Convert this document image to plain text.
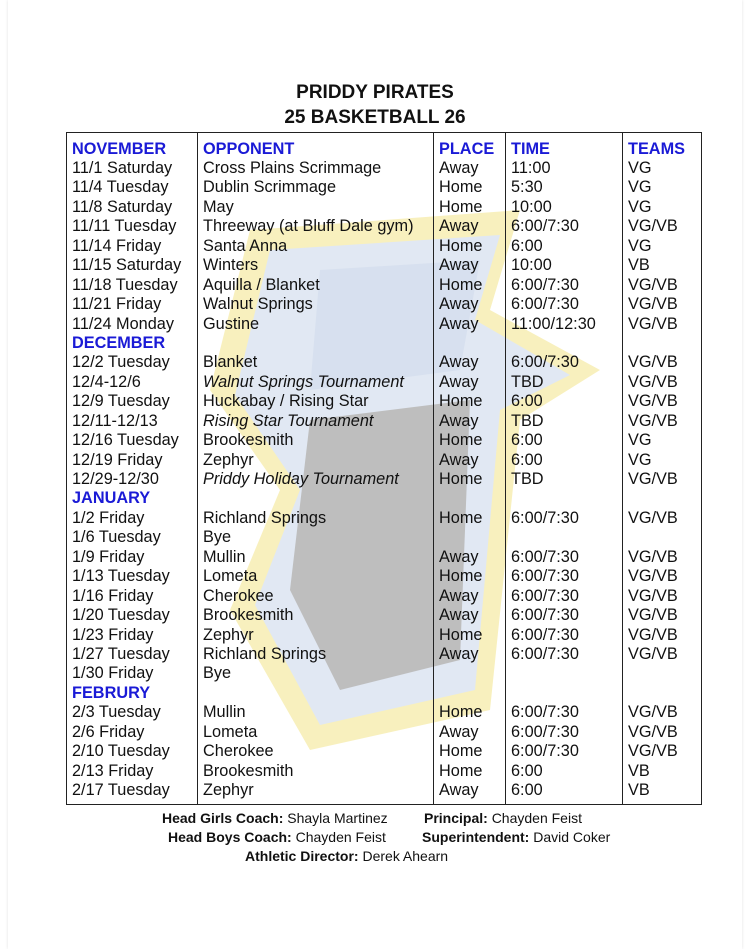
PRIDDY PIRATES
25 BASKETBALL 26
NOVEMBER	OPPONENT	PLACE	TIME	TEAMS
11/1 Saturday	Cross Plains Scrimmage	Away	11:00	VG
11/4 Tuesday	Dublin Scrimmage	Home	5:30	VG
11/8 Saturday	May	Home	10:00	VG
11/11 Tuesday	Threeway (at Bluff Dale gym)	Away	6:00/7:30	VG/VB
11/14 Friday	Santa Anna	Home	6:00	VG
11/15 Saturday	Winters	Away	10:00	VB
11/18 Tuesday	Aquilla / Blanket	Home	6:00/7:30	VG/VB
11/21 Friday	Walnut Springs	Away	6:00/7:30	VG/VB
11/24 Monday	Gustine	Away	11:00/12:30	VG/VB
DECEMBER				
12/2 Tuesday	Blanket	Away	6:00/7:30	VG/VB
12/4-12/6	Walnut Springs Tournament	Away	TBD	VG/VB
12/9 Tuesday	Huckabay / Rising Star	Home	6:00	VG/VB
12/11-12/13	Rising Star Tournament	Away	TBD	VG/VB
12/16 Tuesday	Brookesmith	Home	6:00	VG
12/19 Friday	Zephyr	Away	6:00	VG
12/29-12/30	Priddy Holiday Tournament	Home	TBD	VG/VB
JANUARY				
1/2 Friday	Richland Springs	Home	6:00/7:30	VG/VB
1/6 Tuesday	Bye			
1/9 Friday	Mullin	Away	6:00/7:30	VG/VB
1/13 Tuesday	Lometa	Home	6:00/7:30	VG/VB
1/16 Friday	Cherokee	Away	6:00/7:30	VG/VB
1/20 Tuesday	Brookesmith	Away	6:00/7:30	VG/VB
1/23 Friday	Zephyr	Home	6:00/7:30	VG/VB
1/27 Tuesday	Richland Springs	Away	6:00/7:30	VG/VB
1/30 Friday	Bye			
FEBRURY				
2/3 Tuesday	Mullin	Home	6:00/7:30	VG/VB
2/6 Friday	Lometa	Away	6:00/7:30	VG/VB
2/10 Tuesday	Cherokee	Home	6:00/7:30	VG/VB
2/13 Friday	Brookesmith	Home	6:00	VB
2/17 Tuesday	Zephyr	Away	6:00	VB
Head Girls Coach: Shayla Martinez	Principal: Chayden Feist
Head Boys Coach: Chayden Feist	Superintendent: David Coker
Athletic Director: Derek Ahearn
